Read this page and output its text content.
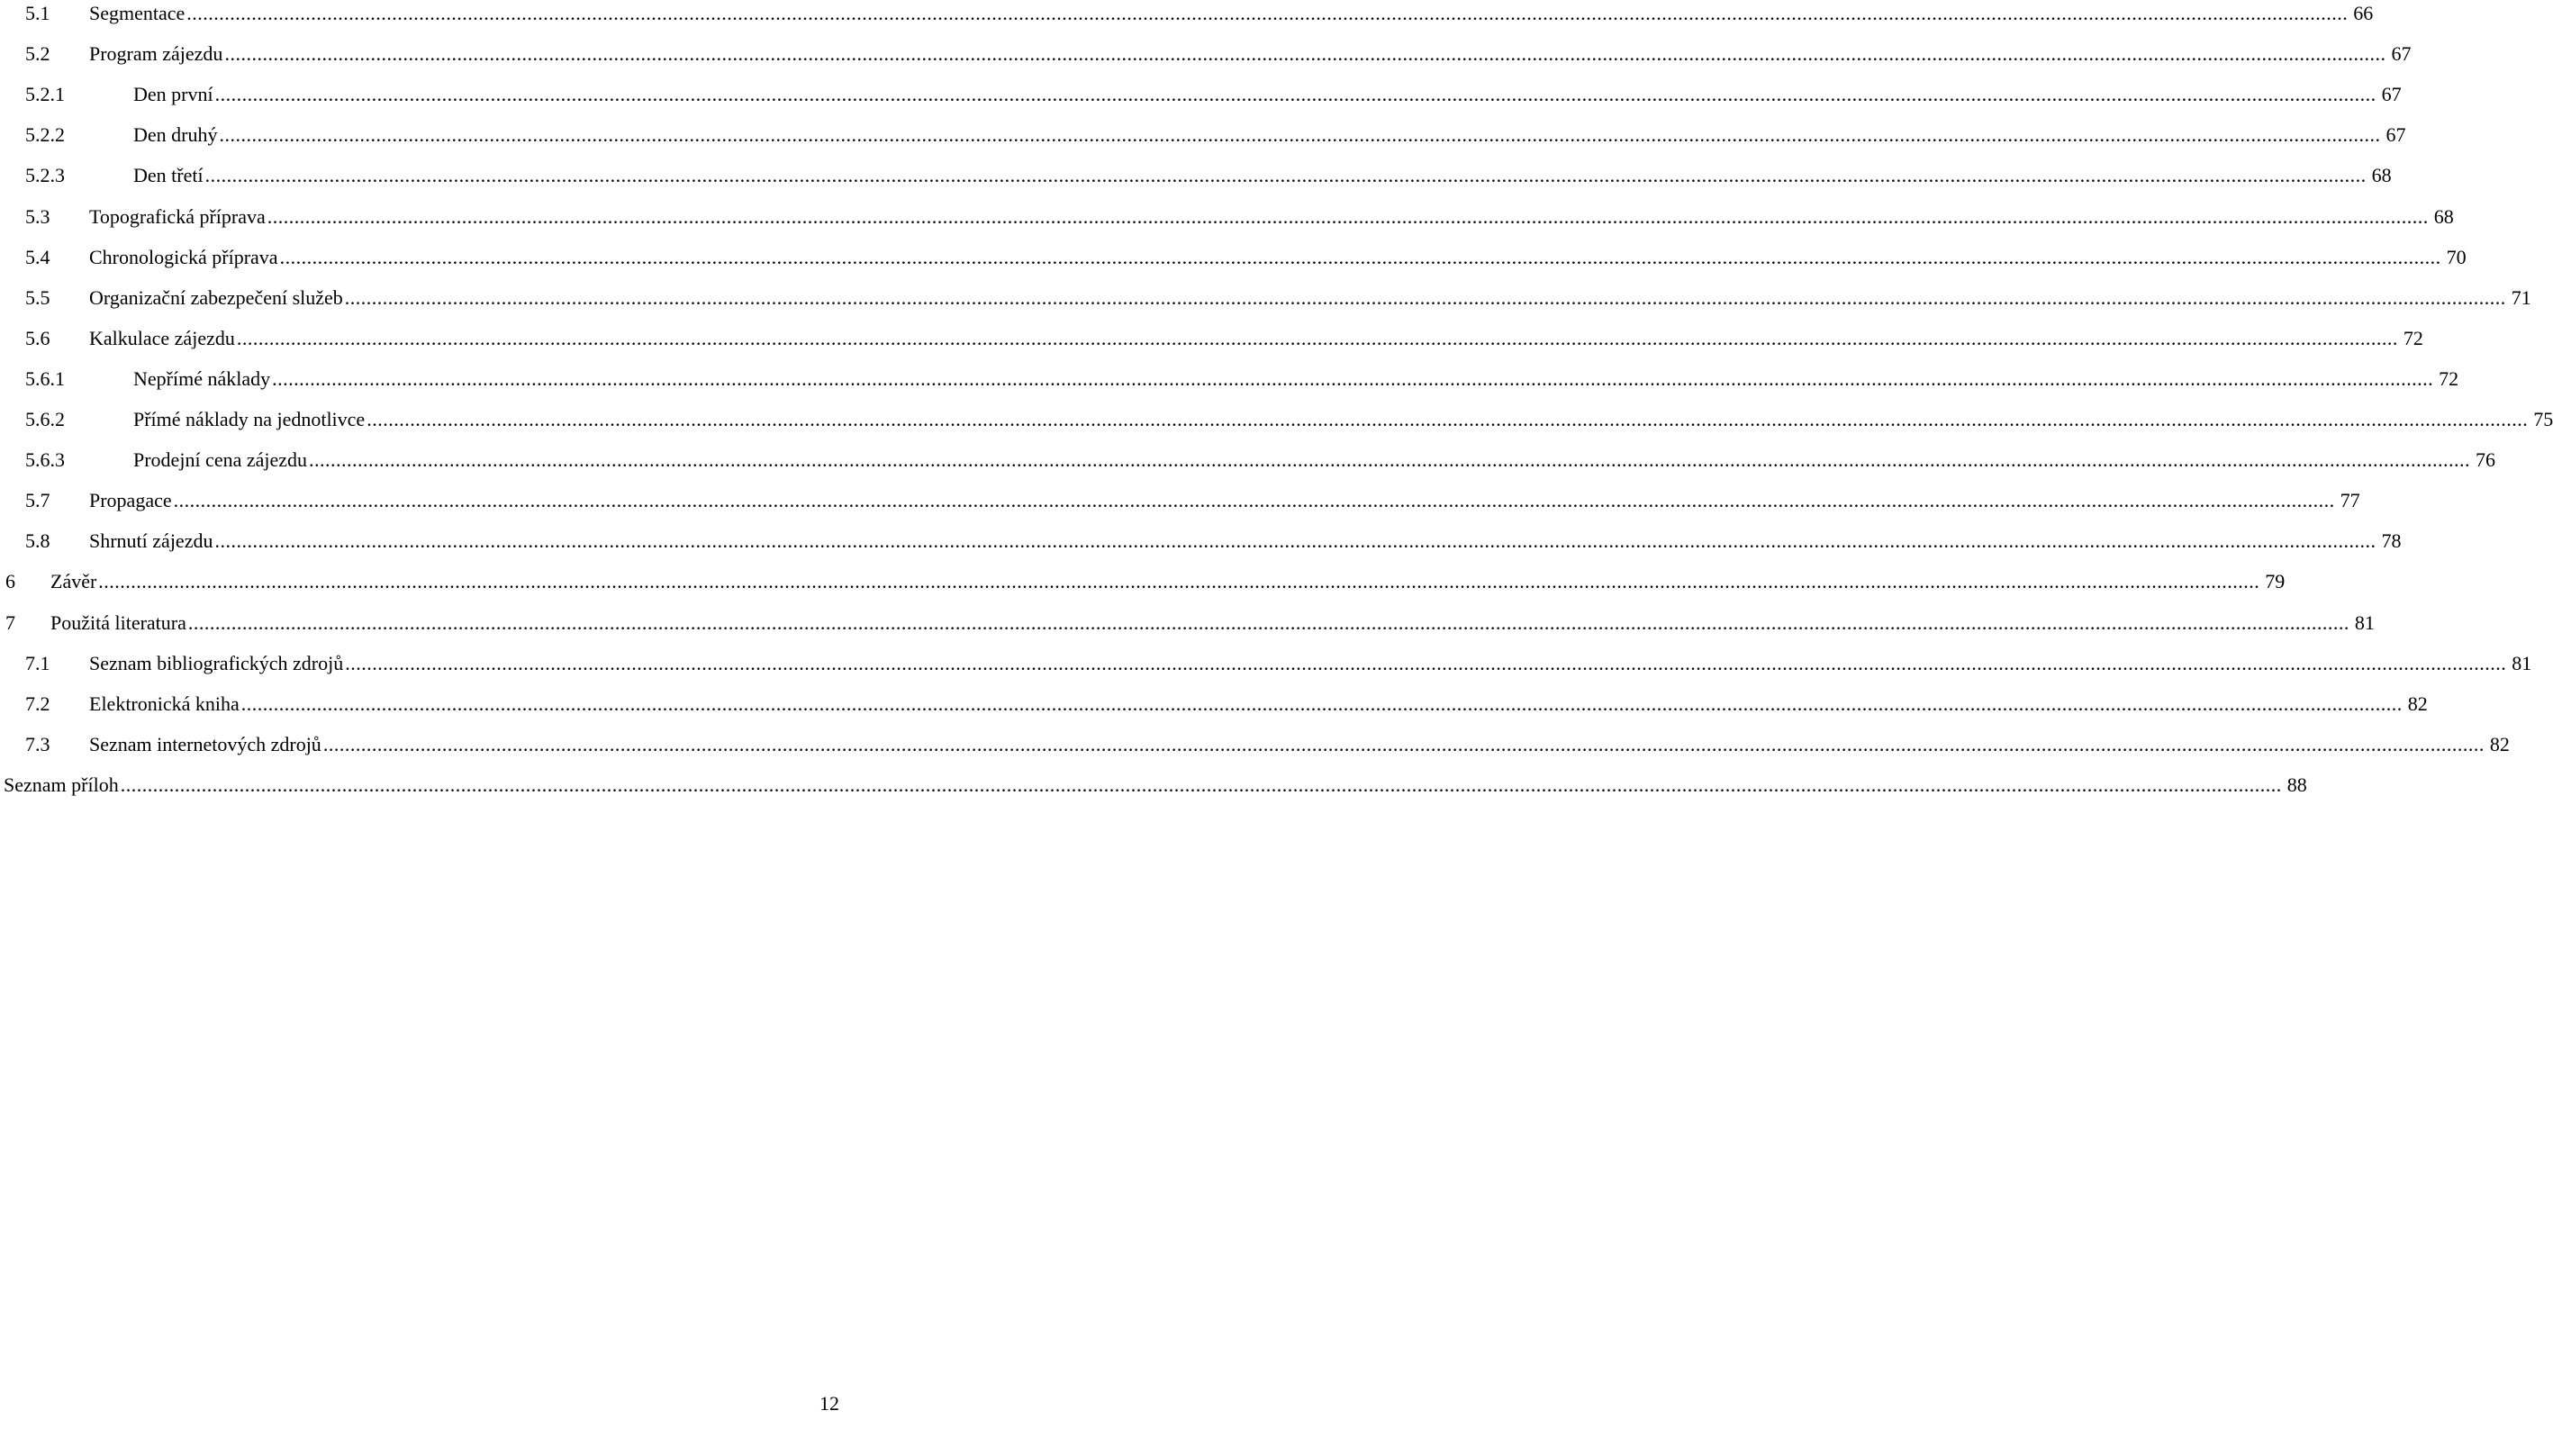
5.1 Segmentace ................................................................................................................................................................................................................................................................................................................................................................................................................ 66
5.2 Program zájezdu ................................................................................................................................................................................................................................................................................................................................................................................................................ 67
5.2.1	Den první ................................................................................................................................................................................................................................................................................................................................................................................................................ 67
5.2.2	Den druhý ................................................................................................................................................................................................................................................................................................................................................................................................................ 67
5.2.3	Den třetí ................................................................................................................................................................................................................................................................................................................................................................................................................ 68
5.3 Topografická příprava ................................................................................................................................................................................................................................................................................................................................................................................................................ 68
5.4 Chronologická příprava ................................................................................................................................................................................................................................................................................................................................................................................................................ 70
5.5 Organizační zabezpečení služeb ................................................................................................................................................................................................................................................................................................................................................................................................................ 71
5.6 Kalkulace zájezdu ................................................................................................................................................................................................................................................................................................................................................................................................................ 72
5.6.1	Nepřímé náklady ................................................................................................................................................................................................................................................................................................................................................................................................................ 72
5.6.2	Přímé náklady na jednotlivce ................................................................................................................................................................................................................................................................................................................................................................................................................ 75
5.6.3	Prodejní cena zájezdu ................................................................................................................................................................................................................................................................................................................................................................................................................ 76
5.7 Propagace ................................................................................................................................................................................................................................................................................................................................................................................................................ 77
5.8 Shrnutí zájezdu ................................................................................................................................................................................................................................................................................................................................................................................................................ 78
6 Závěr ................................................................................................................................................................................................................................................................................................................................................................................................................ 79
7 Použitá literatura ................................................................................................................................................................................................................................................................................................................................................................................................................ 81
7.1 Seznam bibliografických zdrojů ................................................................................................................................................................................................................................................................................................................................................................................................................ 81
7.2 Elektronická kniha ................................................................................................................................................................................................................................................................................................................................................................................................................ 82
7.3 Seznam internetových zdrojů ................................................................................................................................................................................................................................................................................................................................................................................................................ 82
Seznam příloh ................................................................................................................................................................................................................................................................................................................................................................................................................ 88
12
